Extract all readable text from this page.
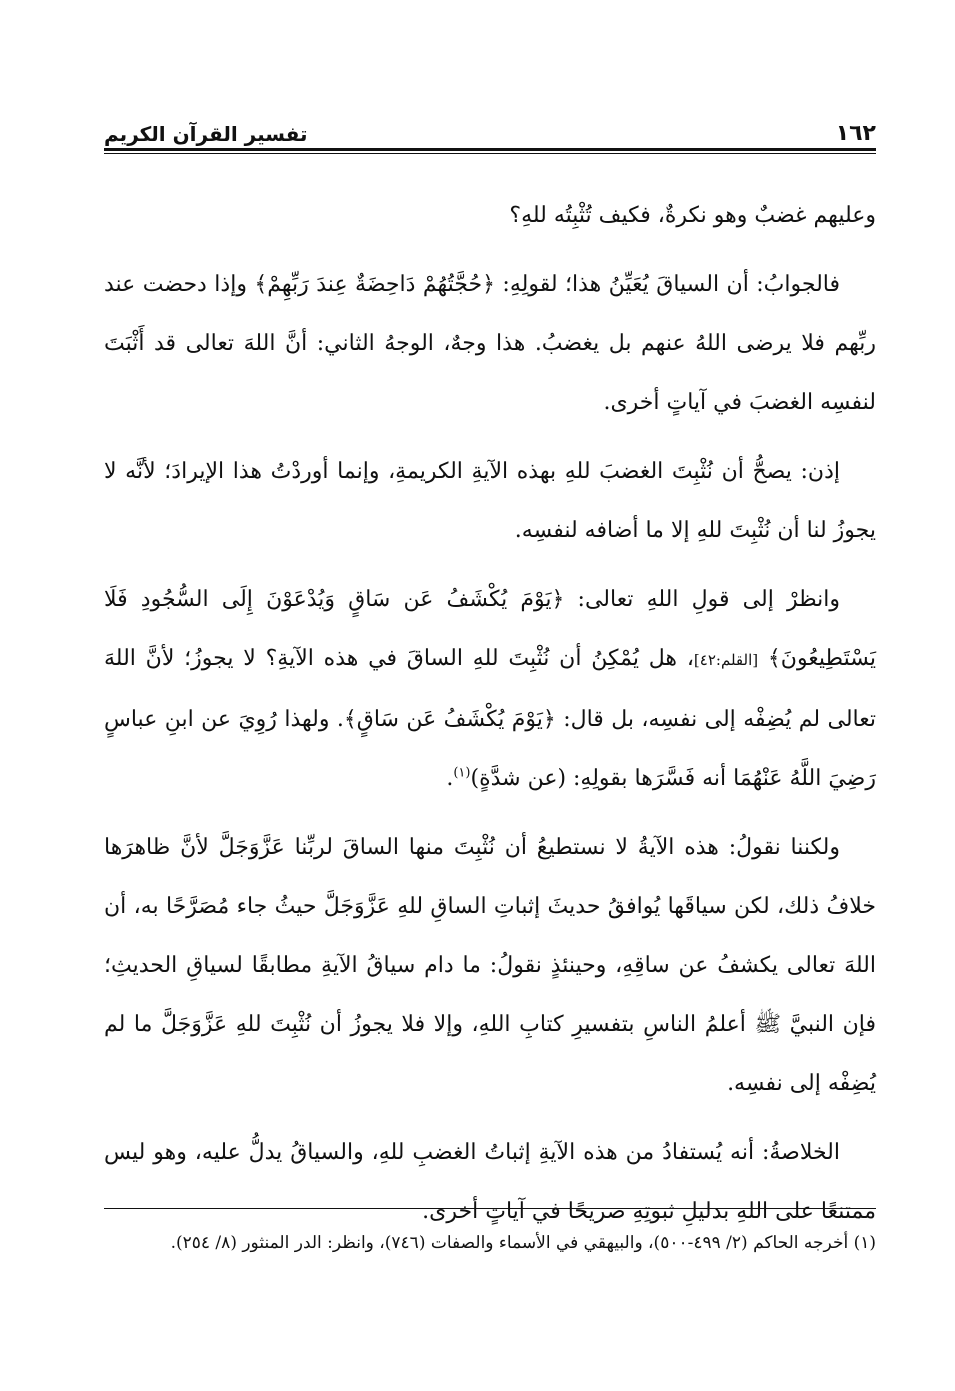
١٦٢
تفسير القرآن الكريم

وعليهم غضبٌ وهو نكرةٌ، فكيف تُثْبِتُه للهِ؟

فالجوابُ: أن السياقَ يُعَيِّنُ هذا؛ لقولِهِ: ﴿حُجَّتُهُمْ دَاحِضَةٌ عِندَ رَبِّهِمْ﴾ وإذا دحضت عند ربِّهم فلا يرضى اللهُ عنهم بل يغضبُ. هذا وجهٌ، الوجهُ الثاني: أنَّ اللهَ تعالى قد أَثْبَتَ لنفسِه الغضبَ في آياتٍ أخرى.

إذن: يصحُّ أن نُثْبِتَ الغضبَ للهِ بهذه الآيةِ الكريمةِ، وإنما أوردْتُ هذا الإيرادَ؛ لأنَّه لا يجوزُ لنا أن نُثْبِتَ للهِ إلا ما أضافه لنفسِه.

وانظرْ إلى قولِ اللهِ تعالى: ﴿يَوْمَ يُكْشَفُ عَن سَاقٍ وَيُدْعَوْنَ إِلَى السُّجُودِ فَلَا يَسْتَطِيعُونَ﴾ [القلم:٤٢]، هل يُمْكِنُ أن نُثْبِتَ للهِ الساقَ في هذه الآيةِ؟ لا يجوزُ؛ لأنَّ اللهَ تعالى لم يُضِفْه إلى نفسِه، بل قال: ﴿يَوْمَ يُكْشَفُ عَن سَاقٍ﴾. ولهذا رُوِيَ عن ابنِ عباسٍ رَضِيَ اللَّهُ عَنْهُمَا أنه فَسَّرَها بقولِهِ: (عن شدَّةٍ)$^{(١)}$.

ولكننا نقولُ: هذه الآيةُ لا نستطيعُ أن نُثْبِتَ منها الساقَ لربِّنا عَزَّوَجَلَّ لأنَّ ظاهرَها خلافُ ذلك، لكن سياقَها يُوافقُ حديثَ إثباتِ الساقِ للهِ عَزَّوَجَلَّ حيثُ جاء مُصَرَّحًا به، أن اللهَ تعالى يكشفُ عن ساقِهِ، وحينئذٍ نقولُ: ما دام سياقُ الآيةِ مطابقًا لسياقِ الحديثِ؛ فإن النبيَّ ﷺ أعلمُ الناسِ بتفسيرِ كتابِ اللهِ، وإلا فلا يجوزُ أن نُثْبِتَ للهِ عَزَّوَجَلَّ ما لم يُضِفْه إلى نفسِه.

الخلاصةُ: أنه يُستفادُ من هذه الآيةِ إثباتُ الغضبِ للهِ، والسياقُ يدلُّ عليه، وهو ليس ممتنعًا على اللهِ بدليلِ ثبوتِهِ صريحًا في آياتٍ أخرى.

(١) أخرجه الحاكم (٢/ ٤٩٩-٥٠٠)، والبيهقي في الأسماء والصفات (٧٤٦)، وانظر: الدر المنثور (٨/ ٢٥٤).
